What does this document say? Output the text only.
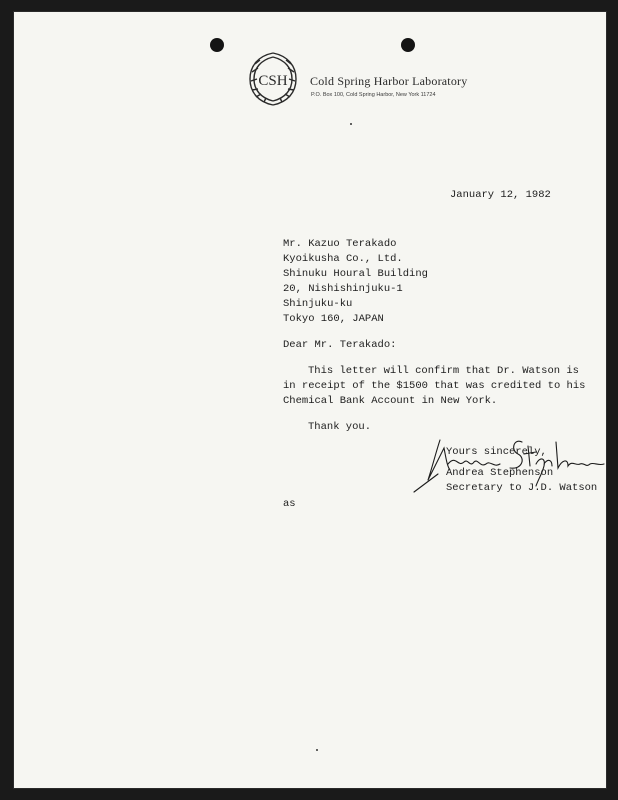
CSH Cold Spring Harbor Laboratory
P.O. Box 100, Cold Spring Harbor, New York 11724
January 12, 1982
Mr. Kazuo Terakado
Kyoikusha Co., Ltd.
Shinuku Houral Building
20, Nishishinjuku-1
Shinjuku-ku
Tokyo 160, JAPAN
Dear Mr. Terakado:
This letter will confirm that Dr. Watson is
in receipt of the $1500 that was credited to his
Chemical Bank Account in New York.
Thank you.
Yours sincerely,
Andrea Stephenson
Secretary to J.D. Watson
as
